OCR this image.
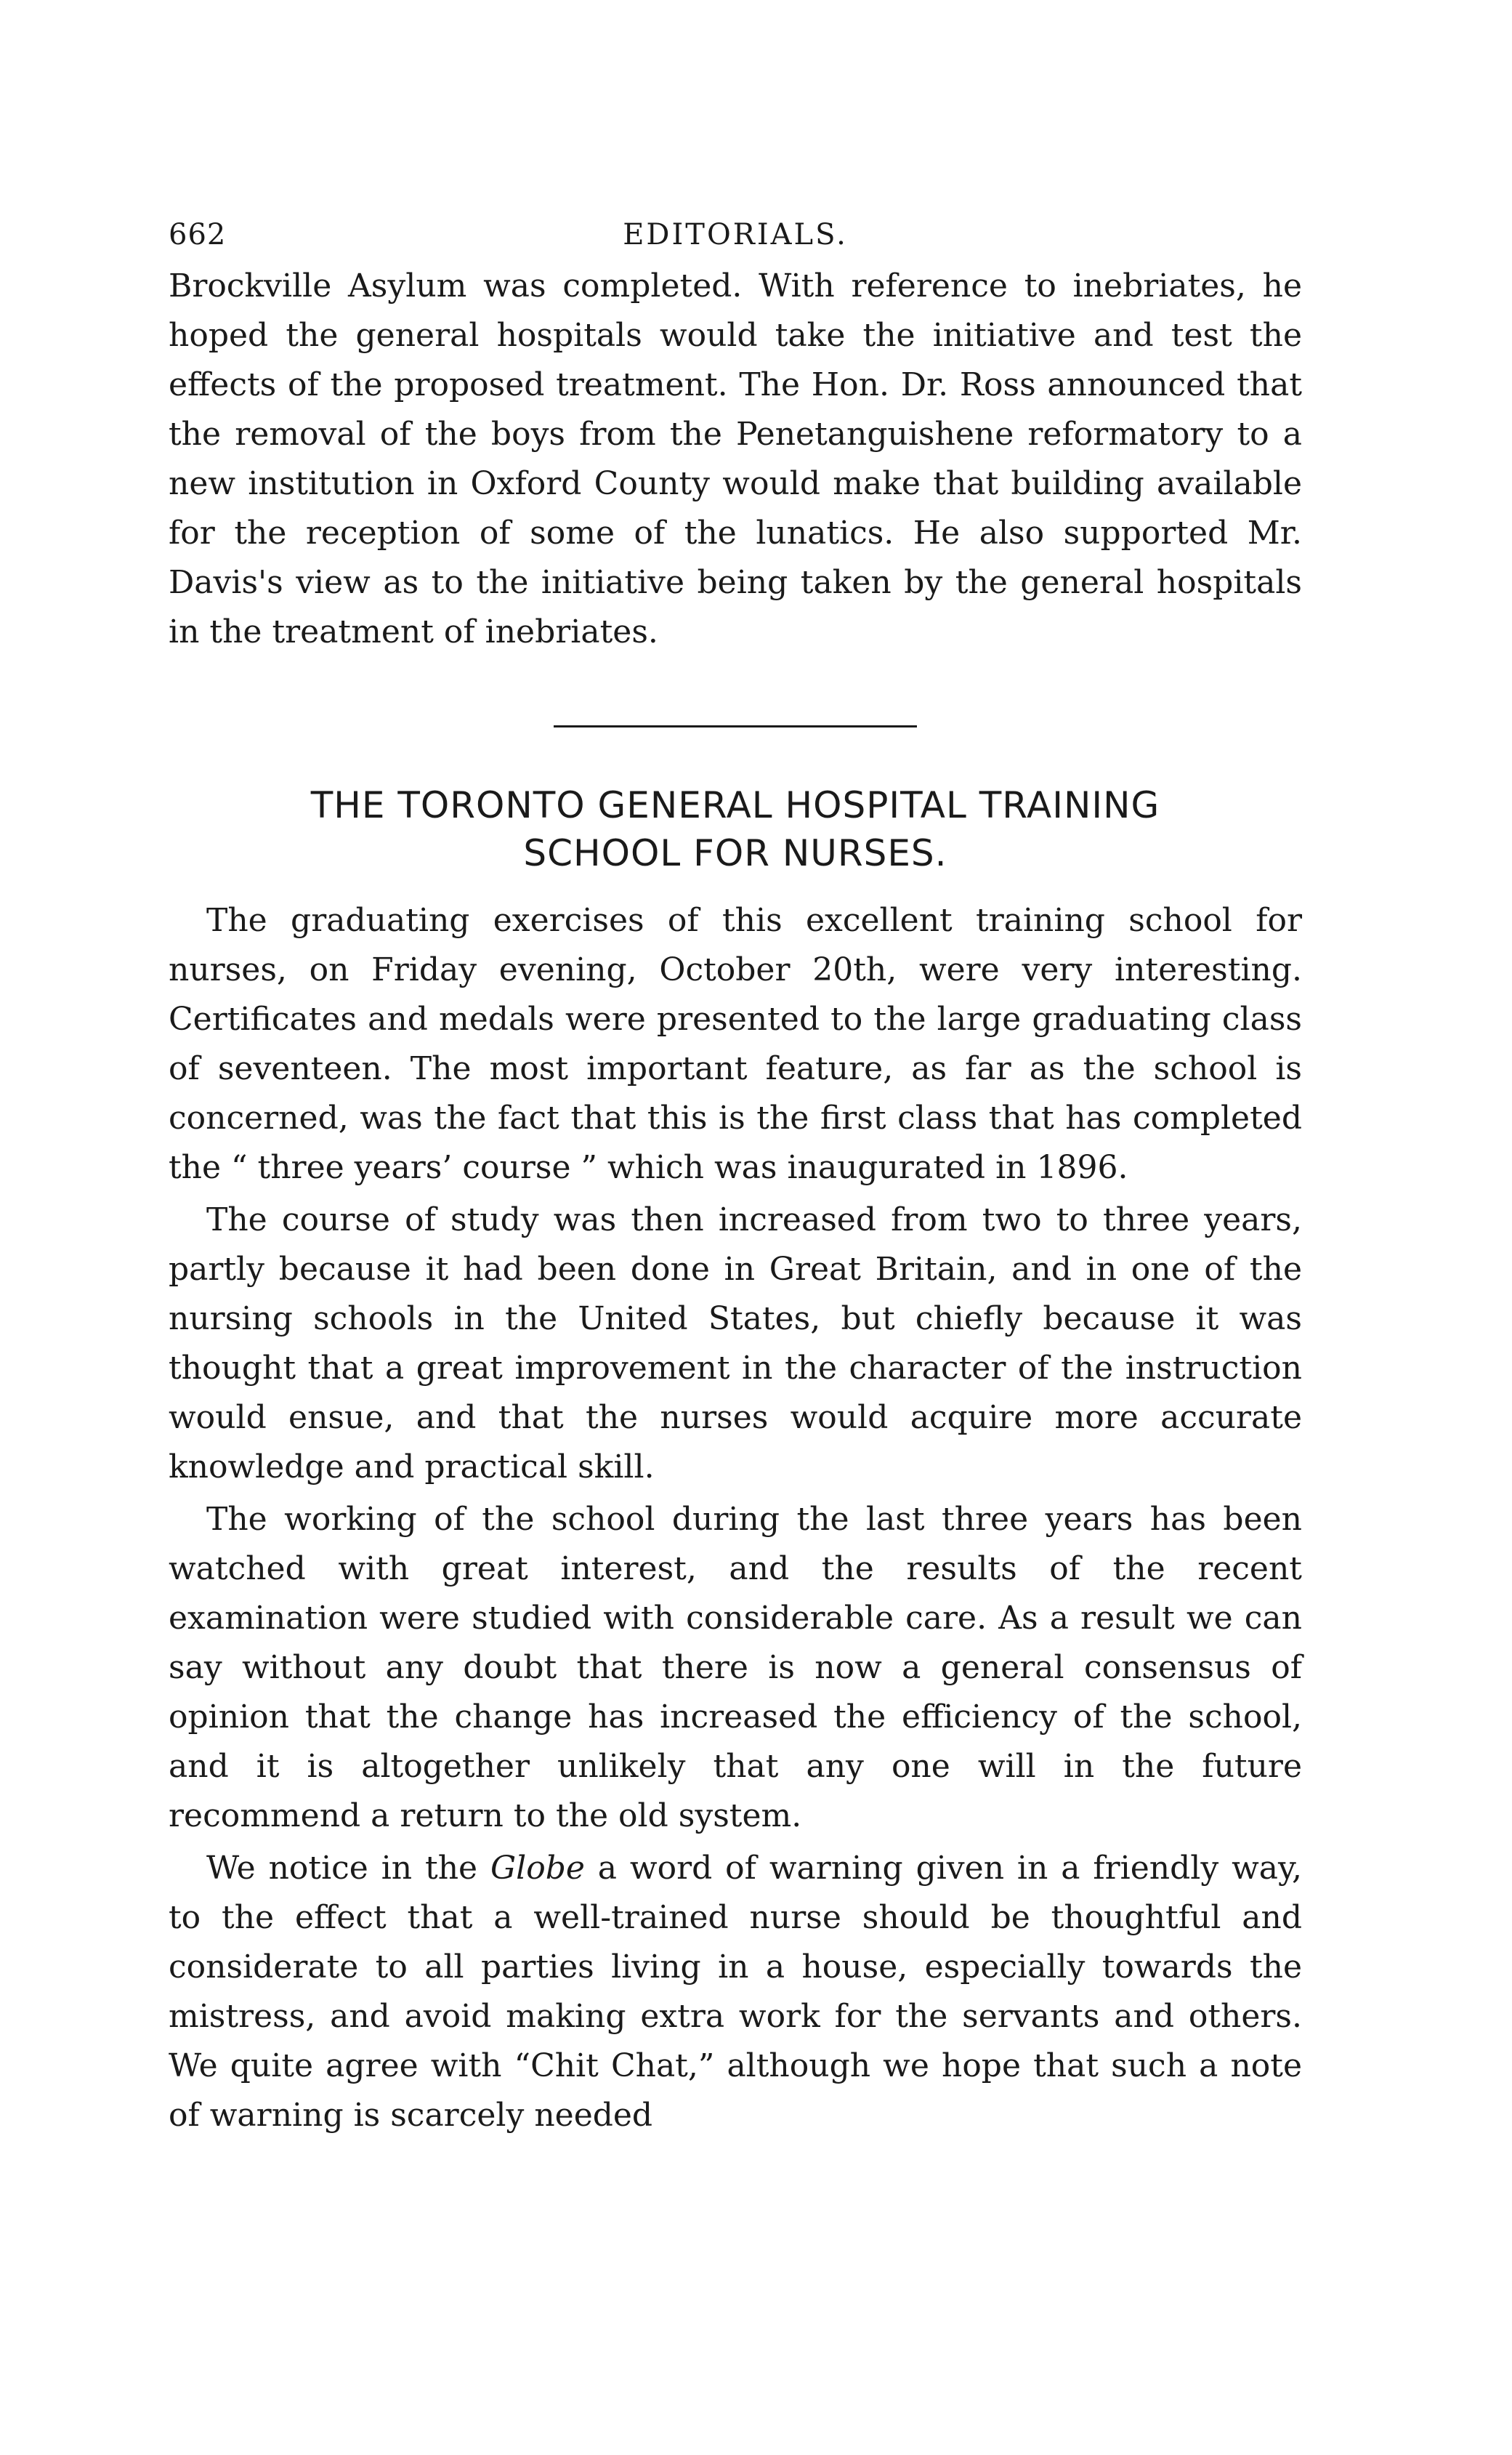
662	EDITORIALS.

Brockville Asylum was completed. With reference to inebriates, he hoped the general hospitals would take the initiative and test the effects of the proposed treatment. The Hon. Dr. Ross announced that the removal of the boys from the Penetanguishene reformatory to a new institution in Oxford County would make that building available for the reception of some of the lunatics. He also supported Mr. Davis's view as to the initiative being taken by the general hospitals in the treatment of inebriates.

THE TORONTO GENERAL HOSPITAL TRAINING
SCHOOL FOR NURSES.

The graduating exercises of this excellent training school for nurses, on Friday evening, October 20th, were very interesting. Certificates and medals were presented to the large graduating class of seventeen. The most important feature, as far as the school is concerned, was the fact that this is the first class that has completed the “ three years’ course ” which was inaugurated in 1896.

The course of study was then increased from two to three years, partly because it had been done in Great Britain, and in one of the nursing schools in the United States, but chiefly because it was thought that a great improvement in the character of the instruction would ensue, and that the nurses would acquire more accurate knowledge and practical skill.

The working of the school during the last three years has been watched with great interest, and the results of the recent examination were studied with considerable care. As a result we can say without any doubt that there is now a general consensus of opinion that the change has increased the efficiency of the school, and it is altogether unlikely that any one will in the future recommend a return to the old system.

We notice in the Globe a word of warning given in a friendly way, to the effect that a well-trained nurse should be thoughtful and considerate to all parties living in a house, especially towards the mistress, and avoid making extra work for the servants and others. We quite agree with “Chit Chat,” although we hope that such a note of warning is scarcely needed
